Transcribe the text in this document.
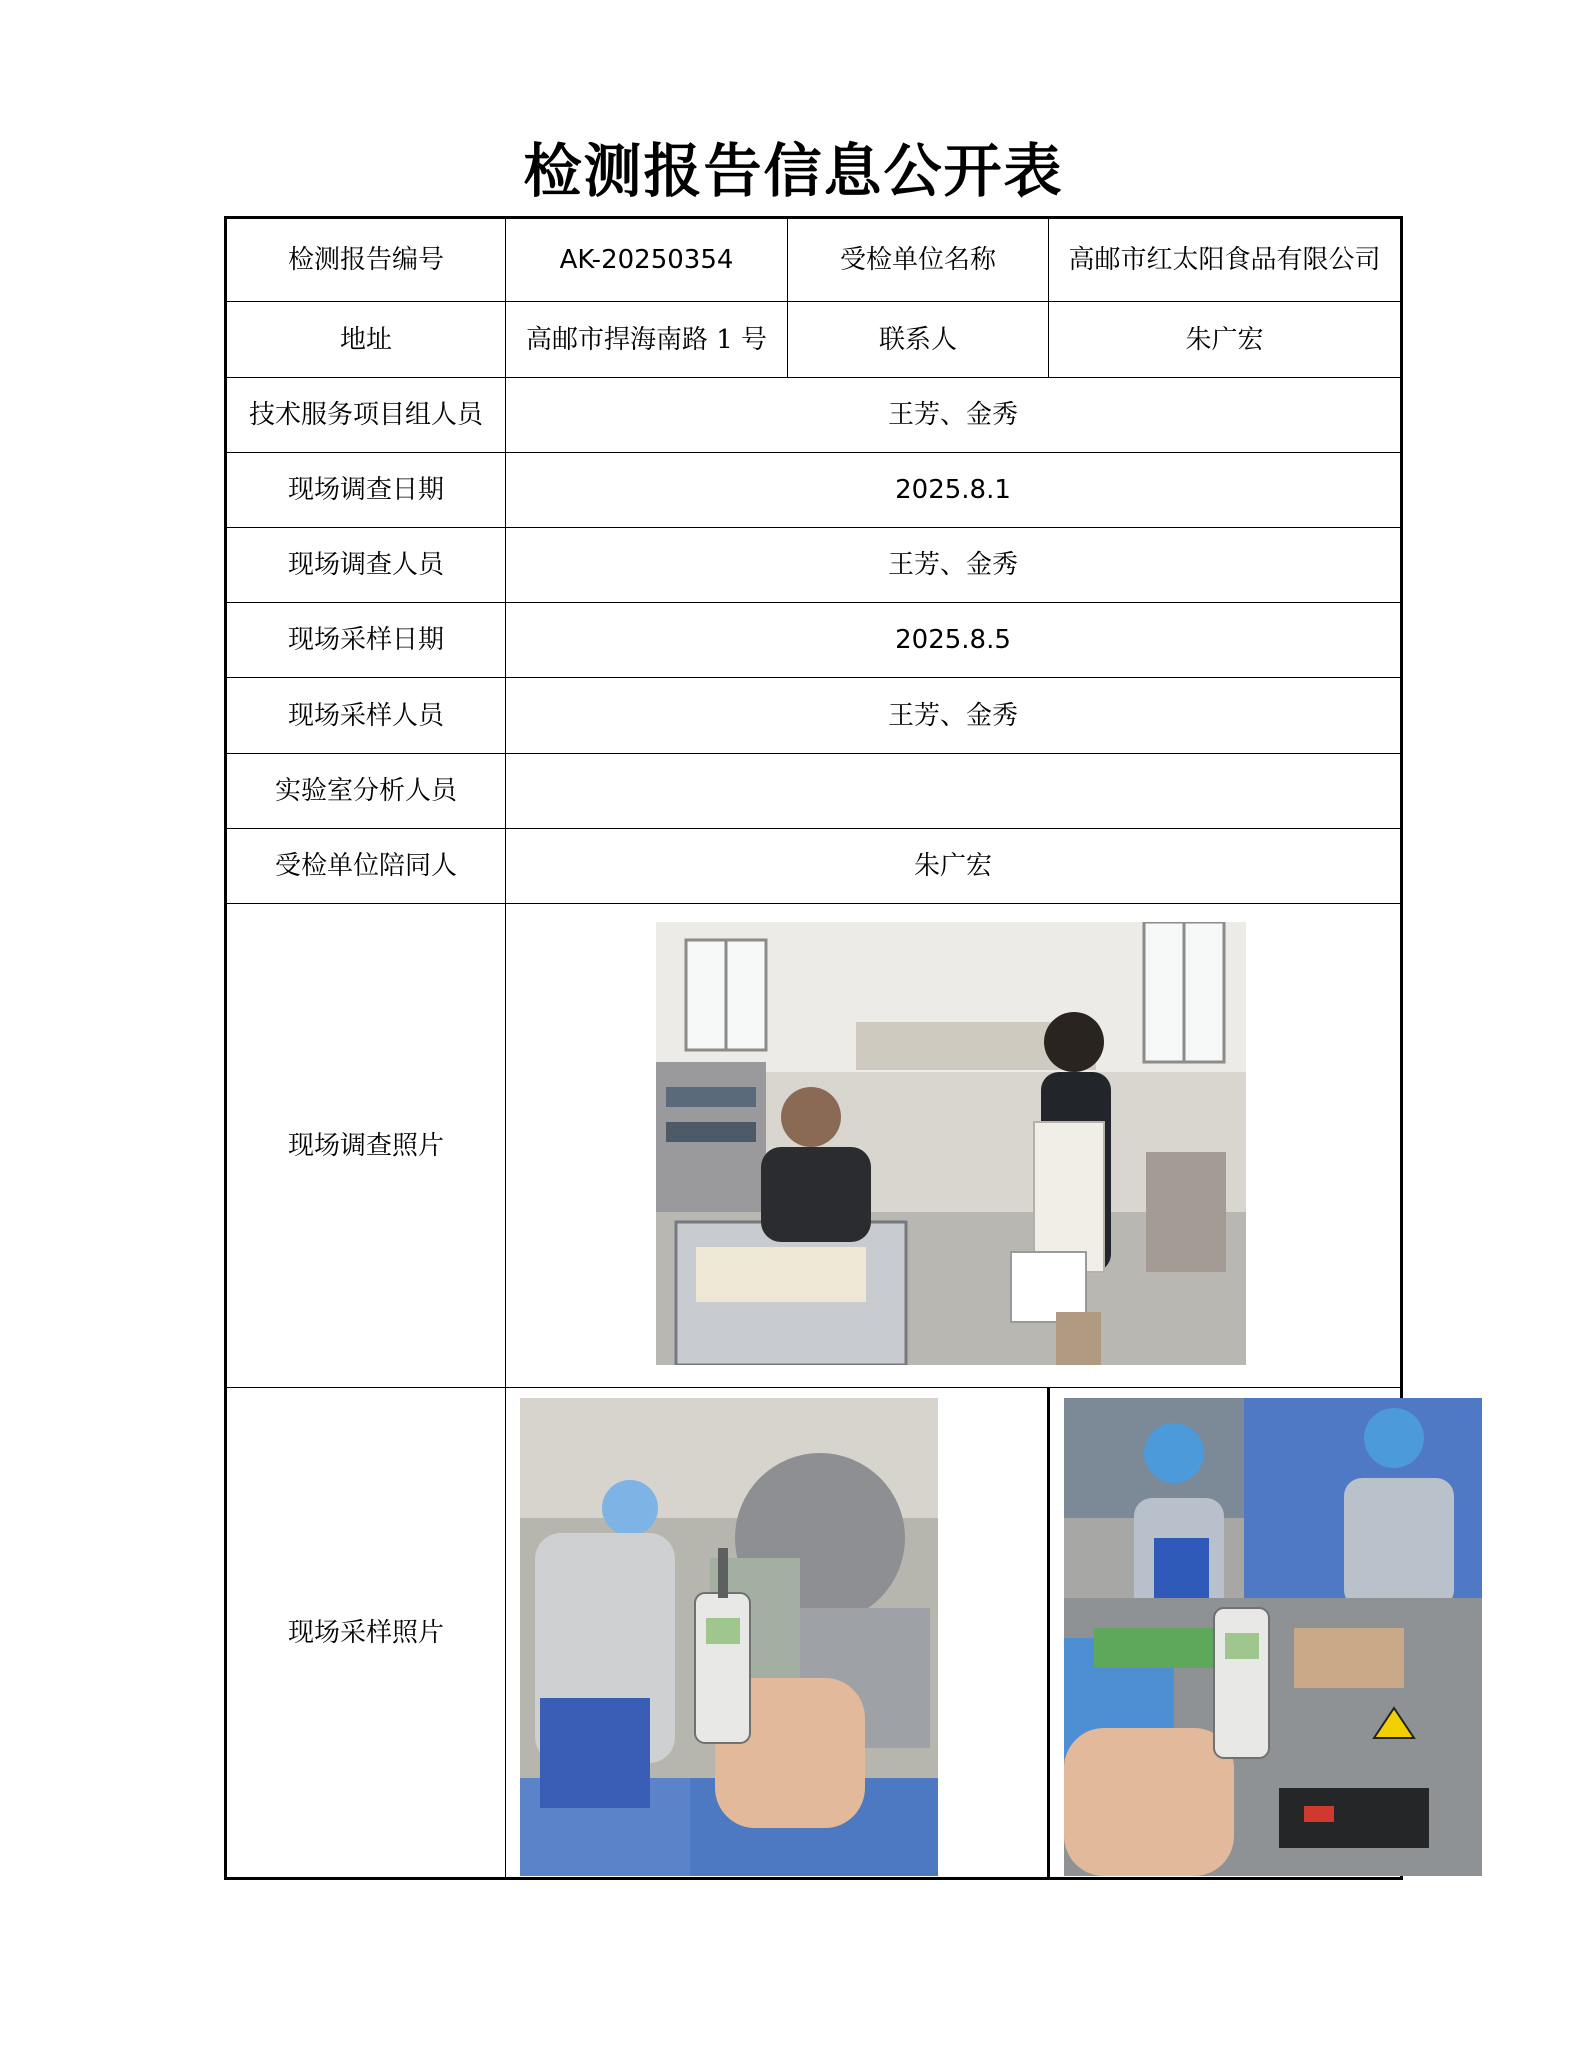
检测报告信息公开表
检测报告编号	AK-20250354	受检单位名称	高邮市红太阳食品有限公司
地址	高邮市捍海南路 1 号	联系人	朱广宏
技术服务项目组人员	王芳、金秀		
现场调查日期	2025.8.1		
现场调查人员	王芳、金秀		
现场采样日期	2025.8.5		
现场采样人员	王芳、金秀		
实验室分析人员			
受检单位陪同人	朱广宏		
现场调查照片	

现场采样照片	
